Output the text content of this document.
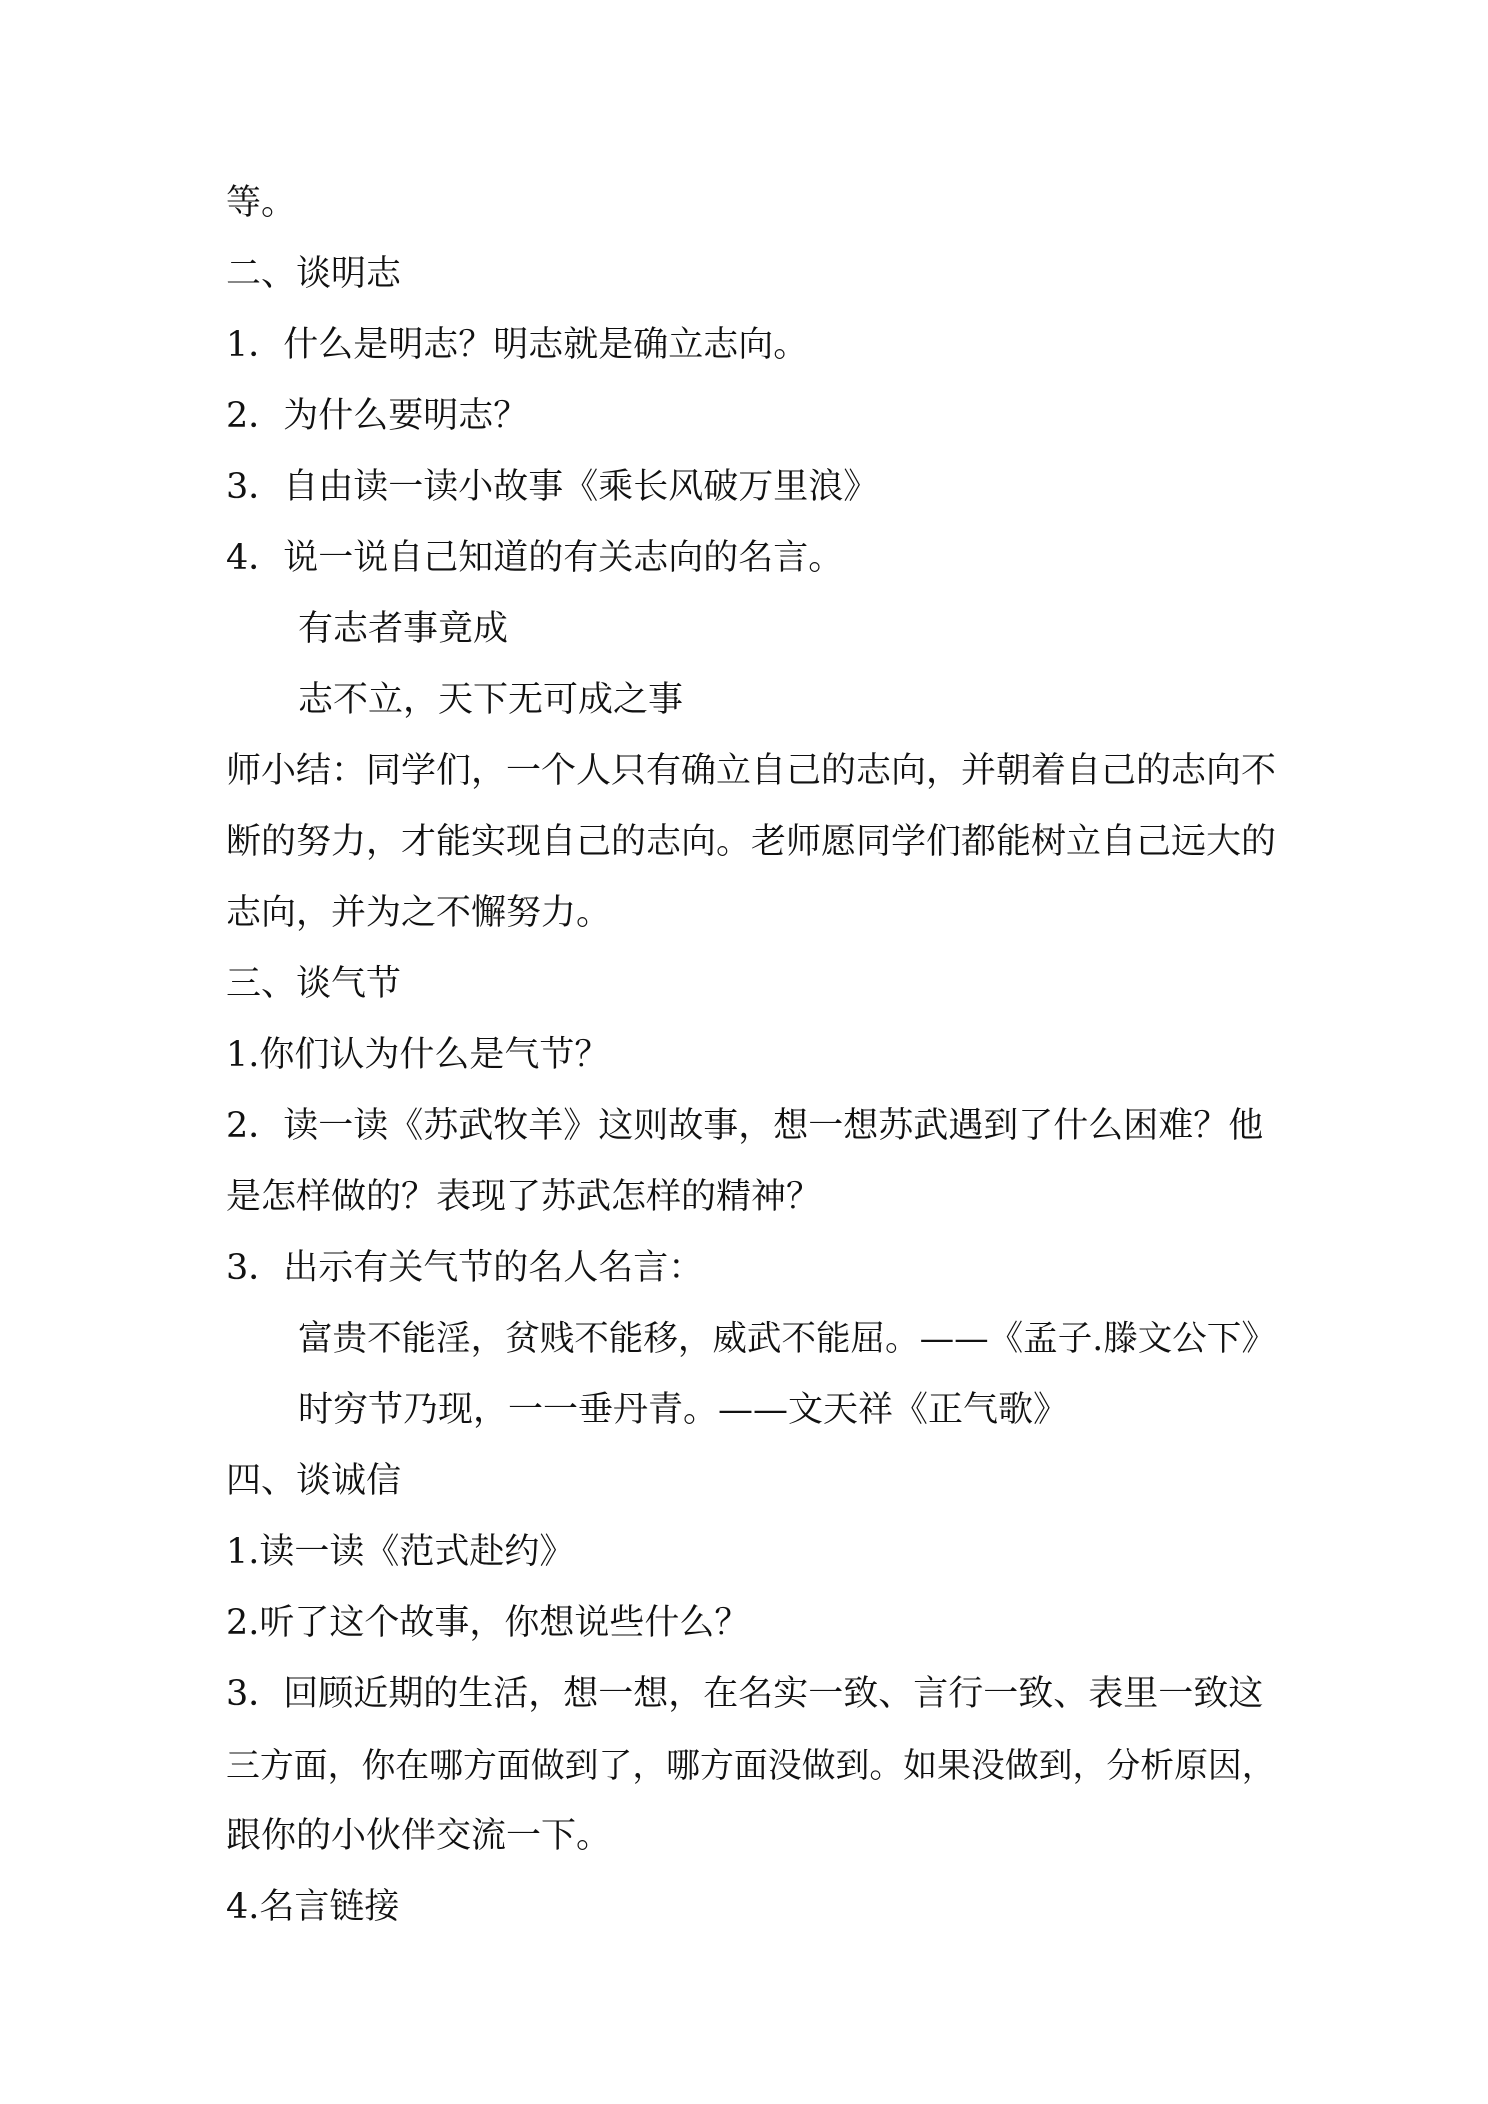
等。
二、谈明志
1．什么是明志？明志就是确立志向。
2．为什么要明志？
3．自由读一读小故事《乘长风破万里浪》
4．说一说自己知道的有关志向的名言。
有志者事竟成
志不立，天下无可成之事
师小结：同学们，一个人只有确立自己的志向，并朝着自己的志向不
断的努力，才能实现自己的志向。老师愿同学们都能树立自己远大的
志向，并为之不懈努力。
三、谈气节
1.你们认为什么是气节？
2．读一读《苏武牧羊》这则故事，想一想苏武遇到了什么困难？他
是怎样做的？表现了苏武怎样的精神？
3．出示有关气节的名人名言：
富贵不能淫，贫贱不能移，威武不能屈。——《孟子.滕文公下》
时穷节乃现，一一垂丹青。——文天祥《正气歌》
四、谈诚信
1.读一读《范式赴约》
2.听了这个故事，你想说些什么？
3．回顾近期的生活，想一想，在名实一致、言行一致、表里一致这
三方面，你在哪方面做到了，哪方面没做到。如果没做到，分析原因，
跟你的小伙伴交流一下。
4.名言链接
